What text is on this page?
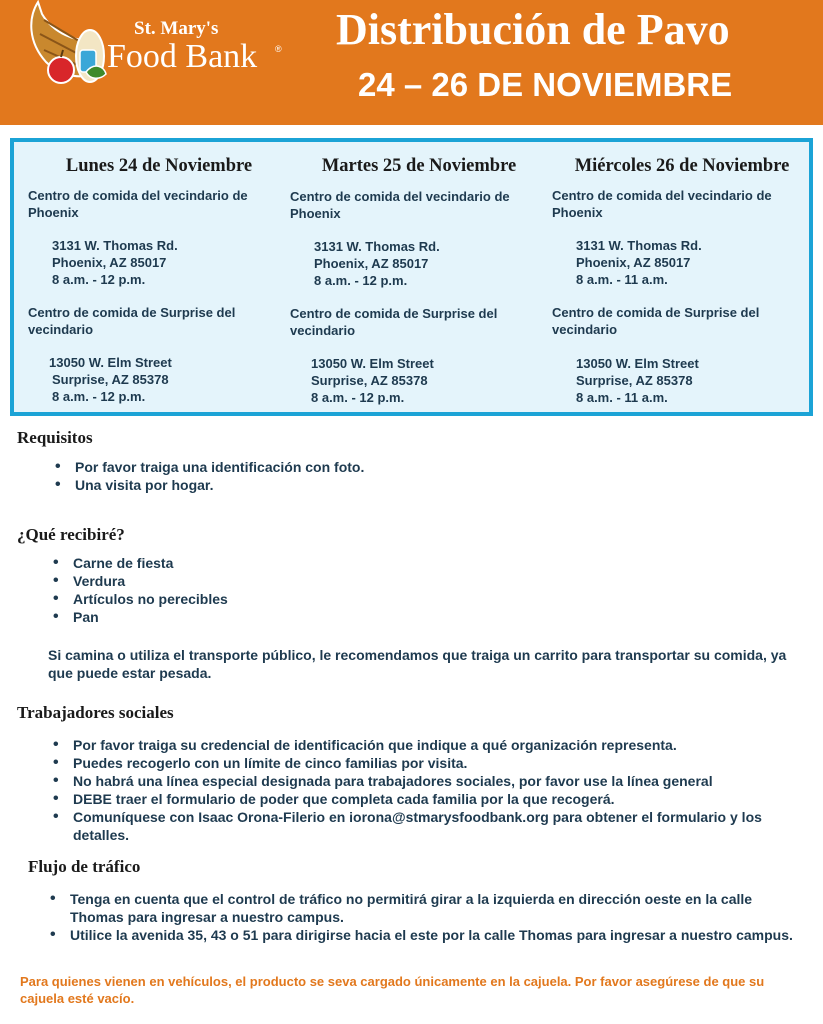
St. Mary's
Food Bank ® Distribución de Pavo
24 – 26 DE NOVIEMBRE
Lunes 24 de Noviembre
Centro de comida del vecindario de Phoenix
3131 W. Thomas Rd.
Phoenix, AZ 85017
8 a.m. - 12 p.m.
Centro de comida de Surprise del vecindario
13050 W. Elm Street
Surprise, AZ 85378
8 a.m. - 12 p.m.
Martes 25 de Noviembre
Centro de comida del vecindario de Phoenix
3131 W. Thomas Rd.
Phoenix, AZ 85017
8 a.m. - 12 p.m.
Centro de comida de Surprise del vecindario
13050 W. Elm Street
Surprise, AZ 85378
8 a.m. - 12 p.m.
Miércoles 26 de Noviembre
Centro de comida del vecindario de Phoenix
3131 W. Thomas Rd.
Phoenix, AZ 85017
8 a.m. - 11 a.m.
Centro de comida de Surprise del vecindario
13050 W. Elm Street
Surprise, AZ 85378
8 a.m. - 11 a.m.
Requisitos
• Por favor traiga una identificación con foto.
• Una visita por hogar.
¿Qué recibiré?
• Carne de fiesta
• Verdura
• Artículos no perecibles
• Pan
Si camina o utiliza el transporte público, le recomendamos que traiga un carrito para transportar su comida, ya que puede estar pesada.
Trabajadores sociales
• Por favor traiga su credencial de identificación que indique a qué organización representa.
• Puedes recogerlo con un límite de cinco familias por visita.
• No habrá una línea especial designada para trabajadores sociales, por favor use la línea general
• DEBE traer el formulario de poder que completa cada familia por la que recogerá.
• Comuníquese con Isaac Orona-Filerio en iorona@stmarysfoodbank.org para obtener el formulario y los detalles.
Flujo de tráfico
• Tenga en cuenta que el control de tráfico no permitirá girar a la izquierda en dirección oeste en la calle Thomas para ingresar a nuestro campus.
• Utilice la avenida 35, 43 o 51 para dirigirse hacia el este por la calle Thomas para ingresar a nuestro campus.
Para quienes vienen en vehículos, el producto se seva cargado únicamente en la cajuela. Por favor asegúrese de que su cajuela esté vacío.
